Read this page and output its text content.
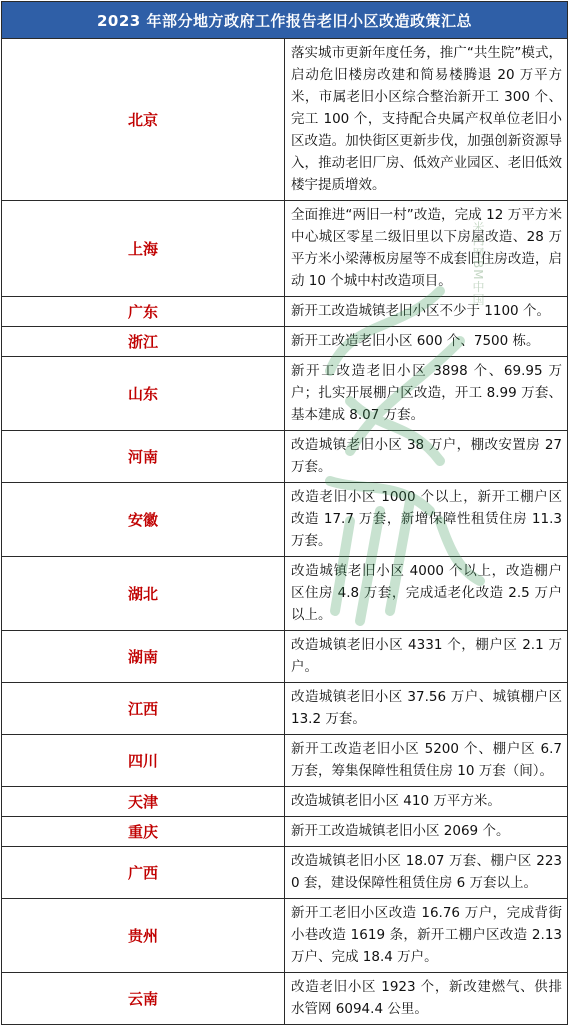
2023 年部分地方政府工作报告老旧小区改造政策汇总	
北京	落实城市更新年度任务，推广“共生院”模式，启动危旧楼房改建和简易楼腾退 20 万平方米，市属老旧小区综合整治新开工 300 个、完工 100 个，支持配合央属产权单位老旧小区改造。加快街区更新步伐，加强创新资源导入，推动老旧厂房、低效产业园区、老旧低效楼宇提质增效。
上海	全面推进“两旧一村”改造，完成 12 万平方米中心城区零星二级旧里以下房屋改造、28 万平方米小梁薄板房屋等不成套旧住房改造，启动 10 个城中村改造项目。
广东	新开工改造城镇老旧小区不少于 1100 个。
浙江	新开工改造老旧小区 600 个、7500 栋。
山东	新开工改造老旧小区 3898 个、69.95 万户；扎实开展棚户区改造，开工 8.99 万套、基本建成 8.07 万套。
河南	改造城镇老旧小区 38 万户，棚改安置房 27 万套。
安徽	改造老旧小区 1000 个以上，新开工棚户区改造 17.7 万套，新增保障性租赁住房 11.3 万套。
湖北	改造城镇老旧小区 4000 个以上，改造棚户区住房 4.8 万套，完成适老化改造 2.5 万户以上。
湖南	改造城镇老旧小区 4331 个，棚户区 2.1 万户。
江西	改造城镇老旧小区 37.56 万户、城镇棚户区 13.2 万套。
四川	新开工改造老旧小区 5200 个、棚户区 6.7 万套，筹集保障性租赁住房 10 万套（间）。
天津	改造城镇老旧小区 410 万平方米。
重庆	新开工改造城镇老旧小区 2069 个。
广西	改造城镇老旧小区 18.07 万套、棚户区 2230 套，建设保障性租赁住房 6 万套以上。
贵州	新开工老旧小区改造 16.76 万户，完成背街小巷改造 1619 条，新开工棚户区改造 2.13 万户、完成 18.4 万户。
云南	改造老旧小区 1923 个，新改建燃气、供排水管网 6094.4 公里。
米内网BM中国
